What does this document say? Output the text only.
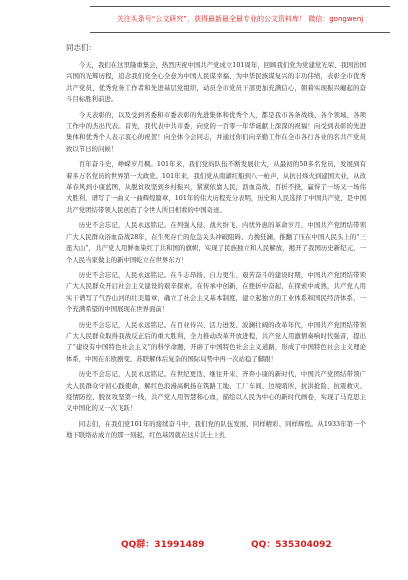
关注头条号“公文研究”，获得最新最全最专业的公文资料库！ 微信：gongwenj
同志们：

今天，我们在这里隆重集会，热烈庆祝中国共产党成立101周年，回顾我们党为党建党光荣、我国治国兴国的光辉历程，追念我们党全心全意为中国人民谋幸福、为中华民族谋复兴的丰功伟绩，表彰全市优秀共产党员、优秀党务工作者和先进基层党组织，动员全市党员干部更加充满信心，朝着实现振兴崛起的奋斗目标胜利前进。

今天表彰的，以及受到省委和市委表彰的先进集体和优秀个人，都是我市各条战线、各个领域、各项工作中的杰出代表。首先，我代表中共市委，向党的一百零一年华诞献上深深的祝福！向受到表彰的先进集体和优秀个人表示衷心的祝贺！向全体今会同志，并通过你们向辛勤工作在全市各行各业的名共产党员致以节日的问候！

百年奋斗史，峥嵘岁月稠。101年来，我们党的队伍不断发展壮大，从最初的50多名党员，发展到有着多万名党员的世界第一大政党。101年来，我们党从南湖红船到八一枪声，从抗日烽火到建国大业，从改革春风到小康蓝图，从脱贫攻坚到乡村振兴，紧紧依靠人民，沥血奋战，百折不挠，赢得了一场又一场伟大胜利，谱写了一曲又一曲辉煌篇章，101年的伟大历程充分表明，历史和人民选择了中国共产党，是中国共产党团结带领人民创造了令世人所目相看的中国奇迹。

历史不会忘记，人民永远铭记。在列强入侵、战火纷飞、内忧外患的革命岁月，中国共产党团结带领广大人民群众浴血奋战28年，在生死存亡的危急关头冲破阻碍、力挽狂澜，推翻了压在中国人民头上的“三座大山”，共产党人用鲜血染红了共和国的旗帜，实现了民族独立和人民解放，揭开了我国历史新纪元，一个人民当家做主的新中国屹立在世界东方！

历史不会忘记，人民永远铭记。在斗志昂扬、自力更生、艰苦奋斗的建设时期，中国共产党团结带领广大人民群众开启社会主义建设的艰辛探索，在传承中创新，在挫折中奋起，在探索中成熟，共产党人用实干谱写了气吞山河的壮美篇章，确立了社会主义基本制度，建立起独立的工业体系和国民经济体系，一个充满希望的中国展现在世界面前！

历史不会忘记，人民永远铭记。在百业待兴、活力迸发、波澜壮阔的改革年代，中国共产党团结带领广大人民群众取得我战反正后的重大胜利，全力推动改革开放进程，共产党人用激情奏响时代强音，提出了“建设有中国特色社会主义”的科学命题，开辟了中国特色社会主义道路，形成了中国特色社会主义理论体系，中国在东欧剧变、苏联解体后复杂的国际局势中再一次站稳了脚跟！

历史不会忘记，人民永远铭记。在世纪更迭、继往开来、齐奔小康的新时代，中国共产党团结带领广大人民群众守初心践使命，解红色浪漫高帆扬在筑路工地、工厂车间、边境哨所，抗洪抢险、抗震救灾、疫情防控、脱贫攻坚第一线，共产党人用智慧和心血，描绘以人民为中心的新时代画卷，实现了马克思主义中国化的又一次飞跃！

同志们，在我们党101年的接续奋斗中，我们党的队伍发展、同样精彩、同样辉煌。从1933年第一个地下联络站成立的那一刻起，红色基因就在这片沃土上扎

QQ群：31991489	QQ：535304092
